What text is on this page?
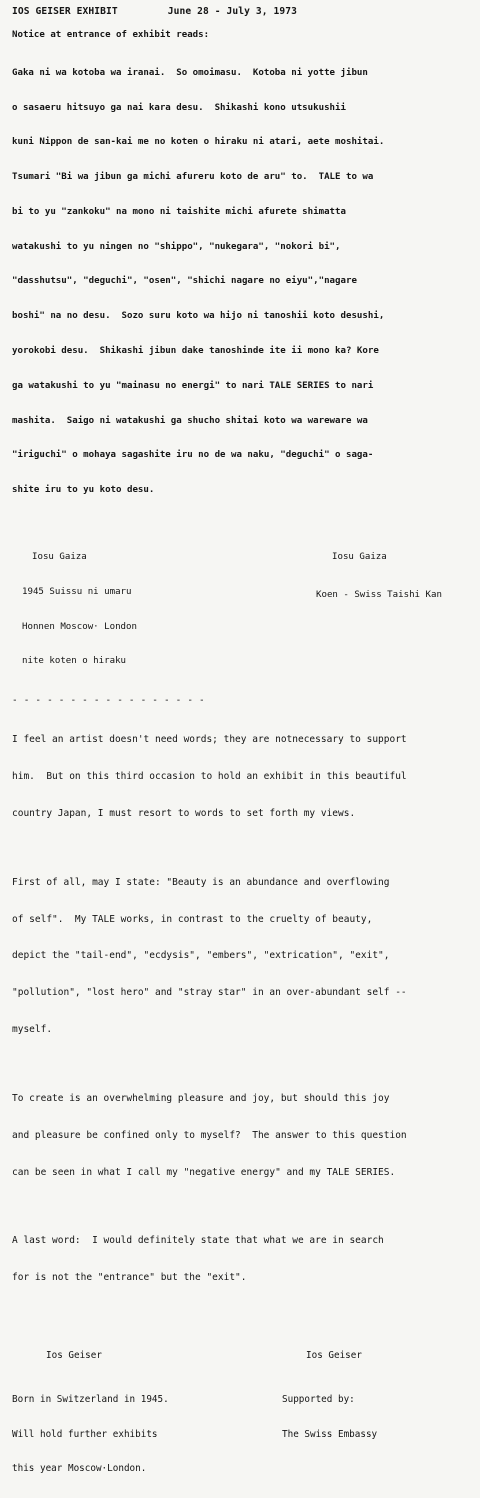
IOS GEISER EXHIBIT	June 28 - July 3, 1973
Notice at entrance of exhibit reads:

Gaka ni wa kotoba wa iranai.  So omoimasu.  Kotoba ni yotte jibun

o sasaeru hitsuyo ga nai kara desu.  Shikashi kono utsukushii

kuni Nippon de san-kai me no koten o hiraku ni atari, aete moshitai.

Tsumari "Bi wa jibun ga michi afureru koto de aru" to.  TALE to wa

bi to yu "zankoku" na mono ni taishite michi afurete shimatta

watakushi to yu ningen no "shippo", "nukegara", "nokori bi",

"dasshutsu", "deguchi", "osen", "shichi nagare no eiyu","nagare

boshi" na no desu.  Sozo suru koto wa hijo ni tanoshii koto desushi,

yorokobi desu.  Shikashi jibun dake tanoshinde ite ii mono ka? Kore

ga watakushi to yu "mainasu no energi" to nari TALE SERIES to nari

mashita.  Saigo ni watakushi ga shucho shitai koto wa wareware wa

"iriguchi" o mohaya sagashite iru no de wa naku, "deguchi" o saga-

shite iru to yu koto desu.

Iosu Gaiza

1945 Suissu ni umaru

Honnen Moscow· London

nite koten o hiraku

Iosu Gaiza

Koen - Swiss Taishi Kan

- - - - - - - - - - - - - - - - -

I feel an artist doesn't need words; they are notnecessary to support

him.  But on this third occasion to hold an exhibit in this beautiful

country Japan, I must resort to words to set forth my views.

First of all, may I state: "Beauty is an abundance and overflowing

of self".  My TALE works, in contrast to the cruelty of beauty,

depict the "tail-end", "ecdysis", "embers", "extrication", "exit",

"pollution", "lost hero" and "stray star" in an over-abundant self --

myself.

To create is an overwhelming pleasure and joy, but should this joy

and pleasure be confined only to myself?  The answer to this question

can be seen in what I call my "negative energy" and my TALE SERIES.

A last word:  I would definitely state that what we are in search

for is not the "entrance" but the "exit".

Ios Geiser

Born in Switzerland in 1945.

Will hold further exhibits

this year Moscow·London.

Ios Geiser

Supported by:

The Swiss Embassy
